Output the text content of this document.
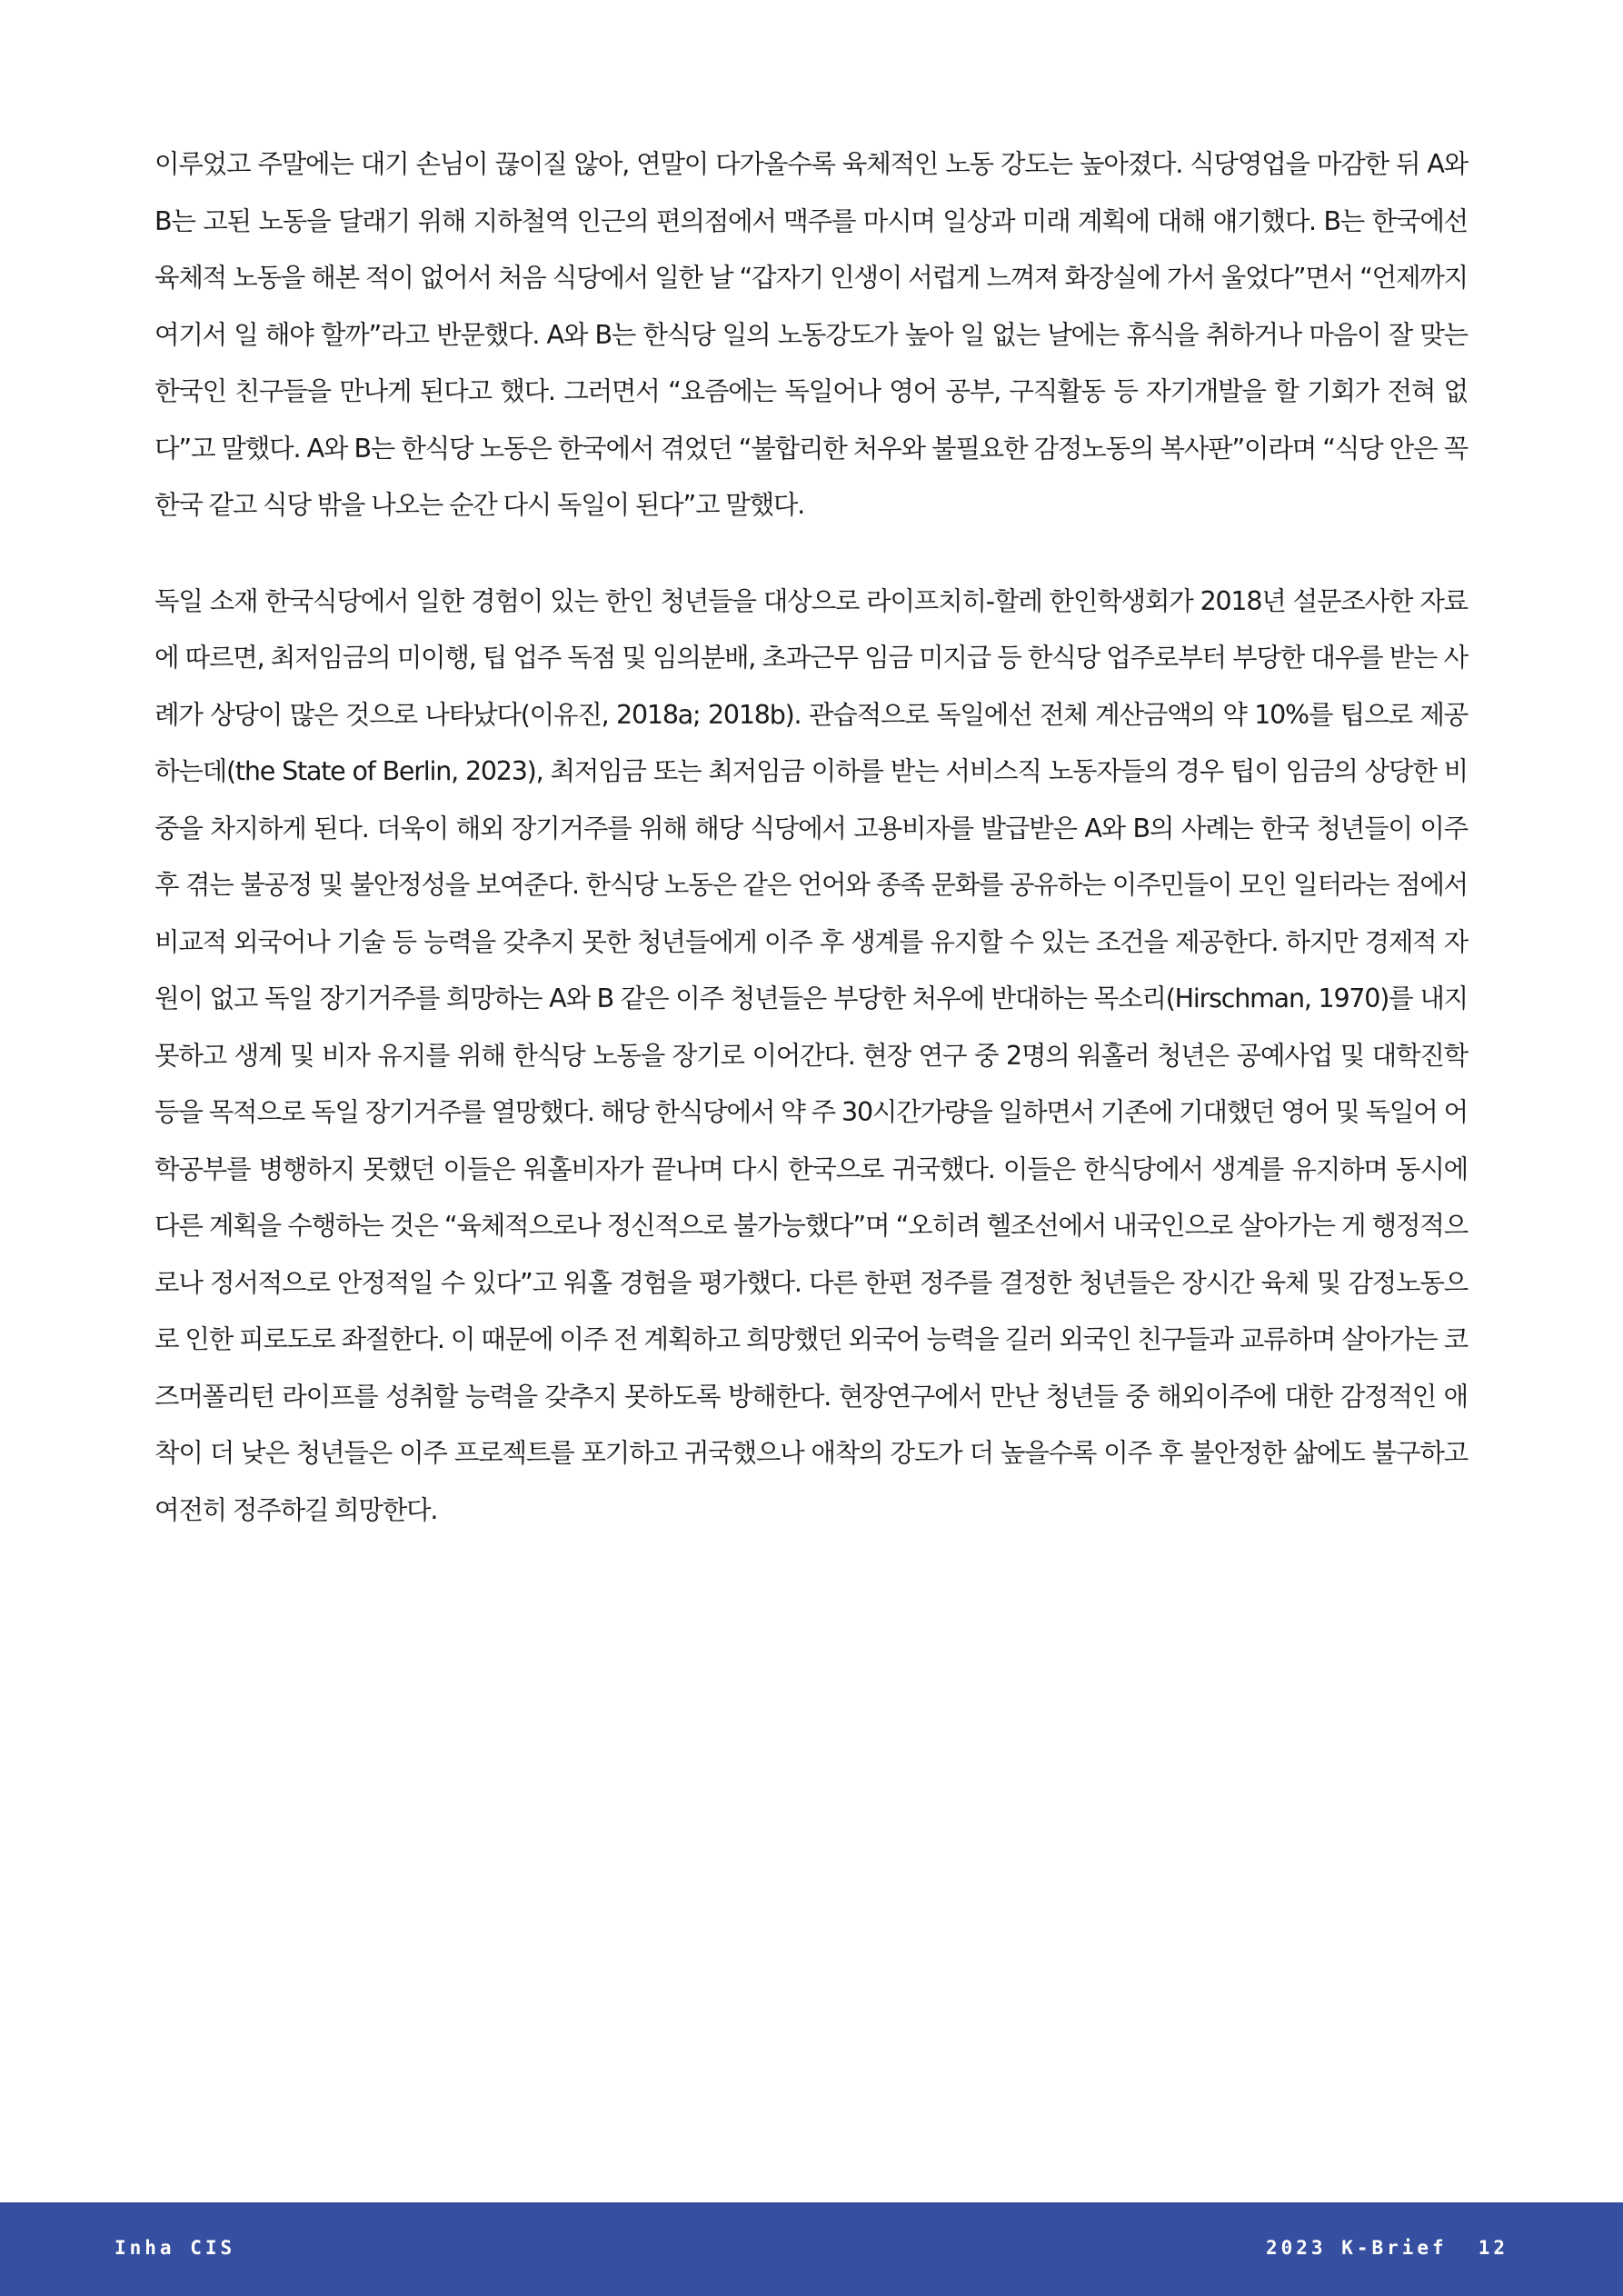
이루었고 주말에는 대기 손님이 끊이질 않아, 연말이 다가올수록 육체적인 노동 강도는 높아졌다. 식당영업을 마감한 뒤 A와 B는 고된 노동을 달래기 위해 지하철역 인근의 편의점에서 맥주를 마시며 일상과 미래 계획에 대해 얘기했다. B는 한국에선 육체적 노동을 해본 적이 없어서 처음 식당에서 일한 날 “갑자기 인생이 서럽게 느껴져 화장실에 가서 울었다”면서 “언제까지 여기서 일 해야 할까”라고 반문했다. A와 B는 한식당 일의 노동강도가 높아 일 없는 날에는 휴식을 취하거나 마음이 잘 맞는 한국인 친구들을 만나게 된다고 했다. 그러면서 “요즘에는 독일어나 영어 공부, 구직활동 등 자기개발을 할 기회가 전혀 없다”고 말했다. A와 B는 한식당 노동은 한국에서 겪었던 “불합리한 처우와 불필요한 감정노동의 복사판”이라며 “식당 안은 꼭 한국 같고 식당 밖을 나오는 순간 다시 독일이 된다”고 말했다.

독일 소재 한국식당에서 일한 경험이 있는 한인 청년들을 대상으로 라이프치히-할레 한인학생회가 2018년 설문조사한 자료에 따르면, 최저임금의 미이행, 팁 업주 독점 및 임의분배, 초과근무 임금 미지급 등 한식당 업주로부터 부당한 대우를 받는 사례가 상당이 많은 것으로 나타났다(이유진, 2018a; 2018b). 관습적으로 독일에선 전체 계산금액의 약 10%를 팁으로 제공하는데(the State of Berlin, 2023), 최저임금 또는 최저임금 이하를 받는 서비스직 노동자들의 경우 팁이 임금의 상당한 비중을 차지하게 된다. 더욱이 해외 장기거주를 위해 해당 식당에서 고용비자를 발급받은 A와 B의 사례는 한국 청년들이 이주 후 겪는 불공정 및 불안정성을 보여준다. 한식당 노동은 같은 언어와 종족 문화를 공유하는 이주민들이 모인 일터라는 점에서 비교적 외국어나 기술 등 능력을 갖추지 못한 청년들에게 이주 후 생계를 유지할 수 있는 조건을 제공한다. 하지만 경제적 자원이 없고 독일 장기거주를 희망하는 A와 B 같은 이주 청년들은 부당한 처우에 반대하는 목소리(Hirschman, 1970)를 내지 못하고 생계 및 비자 유지를 위해 한식당 노동을 장기로 이어간다. 현장 연구 중 2명의 워홀러 청년은 공예사업 및 대학진학 등을 목적으로 독일 장기거주를 열망했다. 해당 한식당에서 약 주 30시간가량을 일하면서 기존에 기대했던 영어 및 독일어 어학공부를 병행하지 못했던 이들은 워홀비자가 끝나며 다시 한국으로 귀국했다. 이들은 한식당에서 생계를 유지하며 동시에 다른 계획을 수행하는 것은 “육체적으로나 정신적으로 불가능했다”며 “오히려 헬조선에서 내국인으로 살아가는 게 행정적으로나 정서적으로 안정적일 수 있다”고 워홀 경험을 평가했다. 다른 한편 정주를 결정한 청년들은 장시간 육체 및 감정노동으로 인한 피로도로 좌절한다. 이 때문에 이주 전 계획하고 희망했던 외국어 능력을 길러 외국인 친구들과 교류하며 살아가는 코즈머폴리턴 라이프를 성취할 능력을 갖추지 못하도록 방해한다. 현장연구에서 만난 청년들 중 해외이주에 대한 감정적인 애착이 더 낮은 청년들은 이주 프로젝트를 포기하고 귀국했으나 애착의 강도가 더 높을수록 이주 후 불안정한 삶에도 불구하고 여전히 정주하길 희망한다.

Inha CIS	2023 K-Brief 12
